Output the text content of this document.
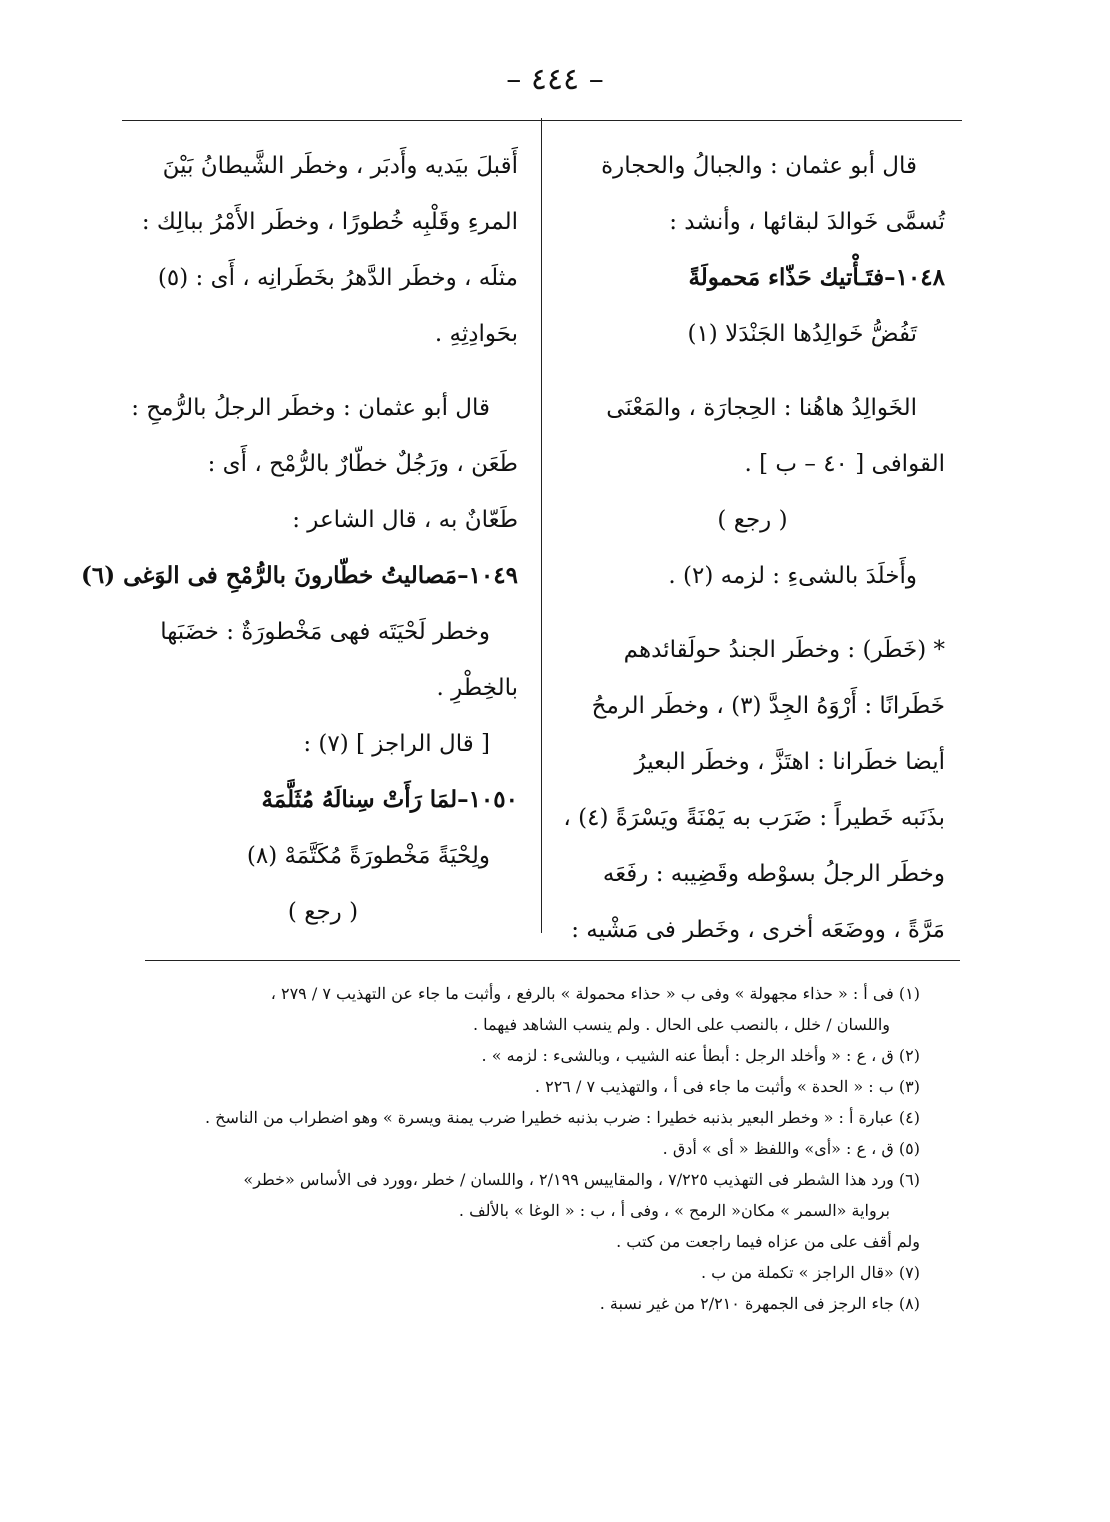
– ٤٤٤ –
قال أبو عثمان : والجبالُ والحجارة
تُسمَّى خَوالدَ لبقائها ، وأنشد :
١٠٤٨–فتَـأْتيك حَذّاء مَحمولَةً
تَفُضُّ خَوالِدُها الجَنْدَلا (١)
الخَوالِدُ هاهُنا : الحِجارَة ، والمَعْنَى
القوافى [ ٤٠ – ب ] .
( رجع )
وأَخلَدَ بالشىءِ : لزمه (٢) .
* (خَطَر) : وخطَر الجندُ حولَقائدهم
خَطَرانًا : أَرْوَهُ الجِدَّ (٣) ، وخطَر الرمحُ
أيضا خطَرانا : اهتَزَّ ، وخطَر البعيرُ
بذَنَبه خَطيراً : ضَرَب به يَمْنَةً ويَسْرَةً (٤) ،
وخطَر الرجلُ بسوْطه وقَضِيبه : رفَعَه
مَرَّةً ، ووضَعَه أخرى ، وخَطر فى مَشْيه :
أَقبلَ بيَديه وأَدبَر ، وخطَر الشَّيطانُ بَيْنَ
المرءِ وقَلْبِه خُطورًا ، وخطَر الأَمْرُ ببالِك :
مثلَه ، وخطَر الدَّهرُ بخَطَرانِه ، أَى : (٥)
بحَوادِثِهِ .
قال أبو عثمان : وخطَر الرجلُ بالرُّمحِ :
طَعَن ، ورَجُلٌ خطّارٌ بالرُّمْح ، أَى :
طَعّانٌ به ، قال الشاعر :
١٠٤٩–مَصاليتُ خطّارونَ بالرُّمْحِ فى الوَغى (٦)
وخطر لَحْيَتَه فهى مَخْطورَةٌ : خضَبَها
بالخِطْرِ .
[ قال الراجز ] (٧) :
١٠٥٠–لمَا رَأَتْ سِنالَهُ مُثَلَّمَهْ
ولِحْيَةً مَخْطورَةً مُكَتَّمَهْ (٨)
( رجع )
(١) فى أ : « حذاء مجهولة » وفى ب « حذاء محمولة » بالرفع ، وأثبت ما جاء عن التهذيب ٧ / ٢٧٩ ،
واللسان / خلل ، بالنصب على الحال . ولم ينسب الشاهد فيهما .
(٢) ق ، ع : « وأخلد الرجل : أبطأ عنه الشيب ، وبالشىء : لزمه » .
(٣) ب : « الحدة » وأثبت ما جاء فى أ ، والتهذيب ٧ / ٢٢٦ .
(٤) عبارة أ : « وخطر البعير بذنبه خطيرا : ضرب بذنبه خطيرا ضرب يمنة ويسرة » وهو اضطراب من الناسخ .
(٥) ق ، ع : «أى» واللفظ « أى » أدق .
(٦) ورد هذا الشطر فى التهذيب ٧/٢٢٥ ، والمقاييس ٢/١٩٩ ، واللسان / خطر ،وورد فى الأساس «خطر»
برواية «السمر » مكان« الرمح » ، وفى أ ، ب : « الوغا » بالألف .
ولم أقف على من عزاه فيما راجعت من كتب .
(٧) «قال الراجز » تكملة من ب .
(٨) جاء الرجز فى الجمهرة ٢/٢١٠ من غير نسبة .
